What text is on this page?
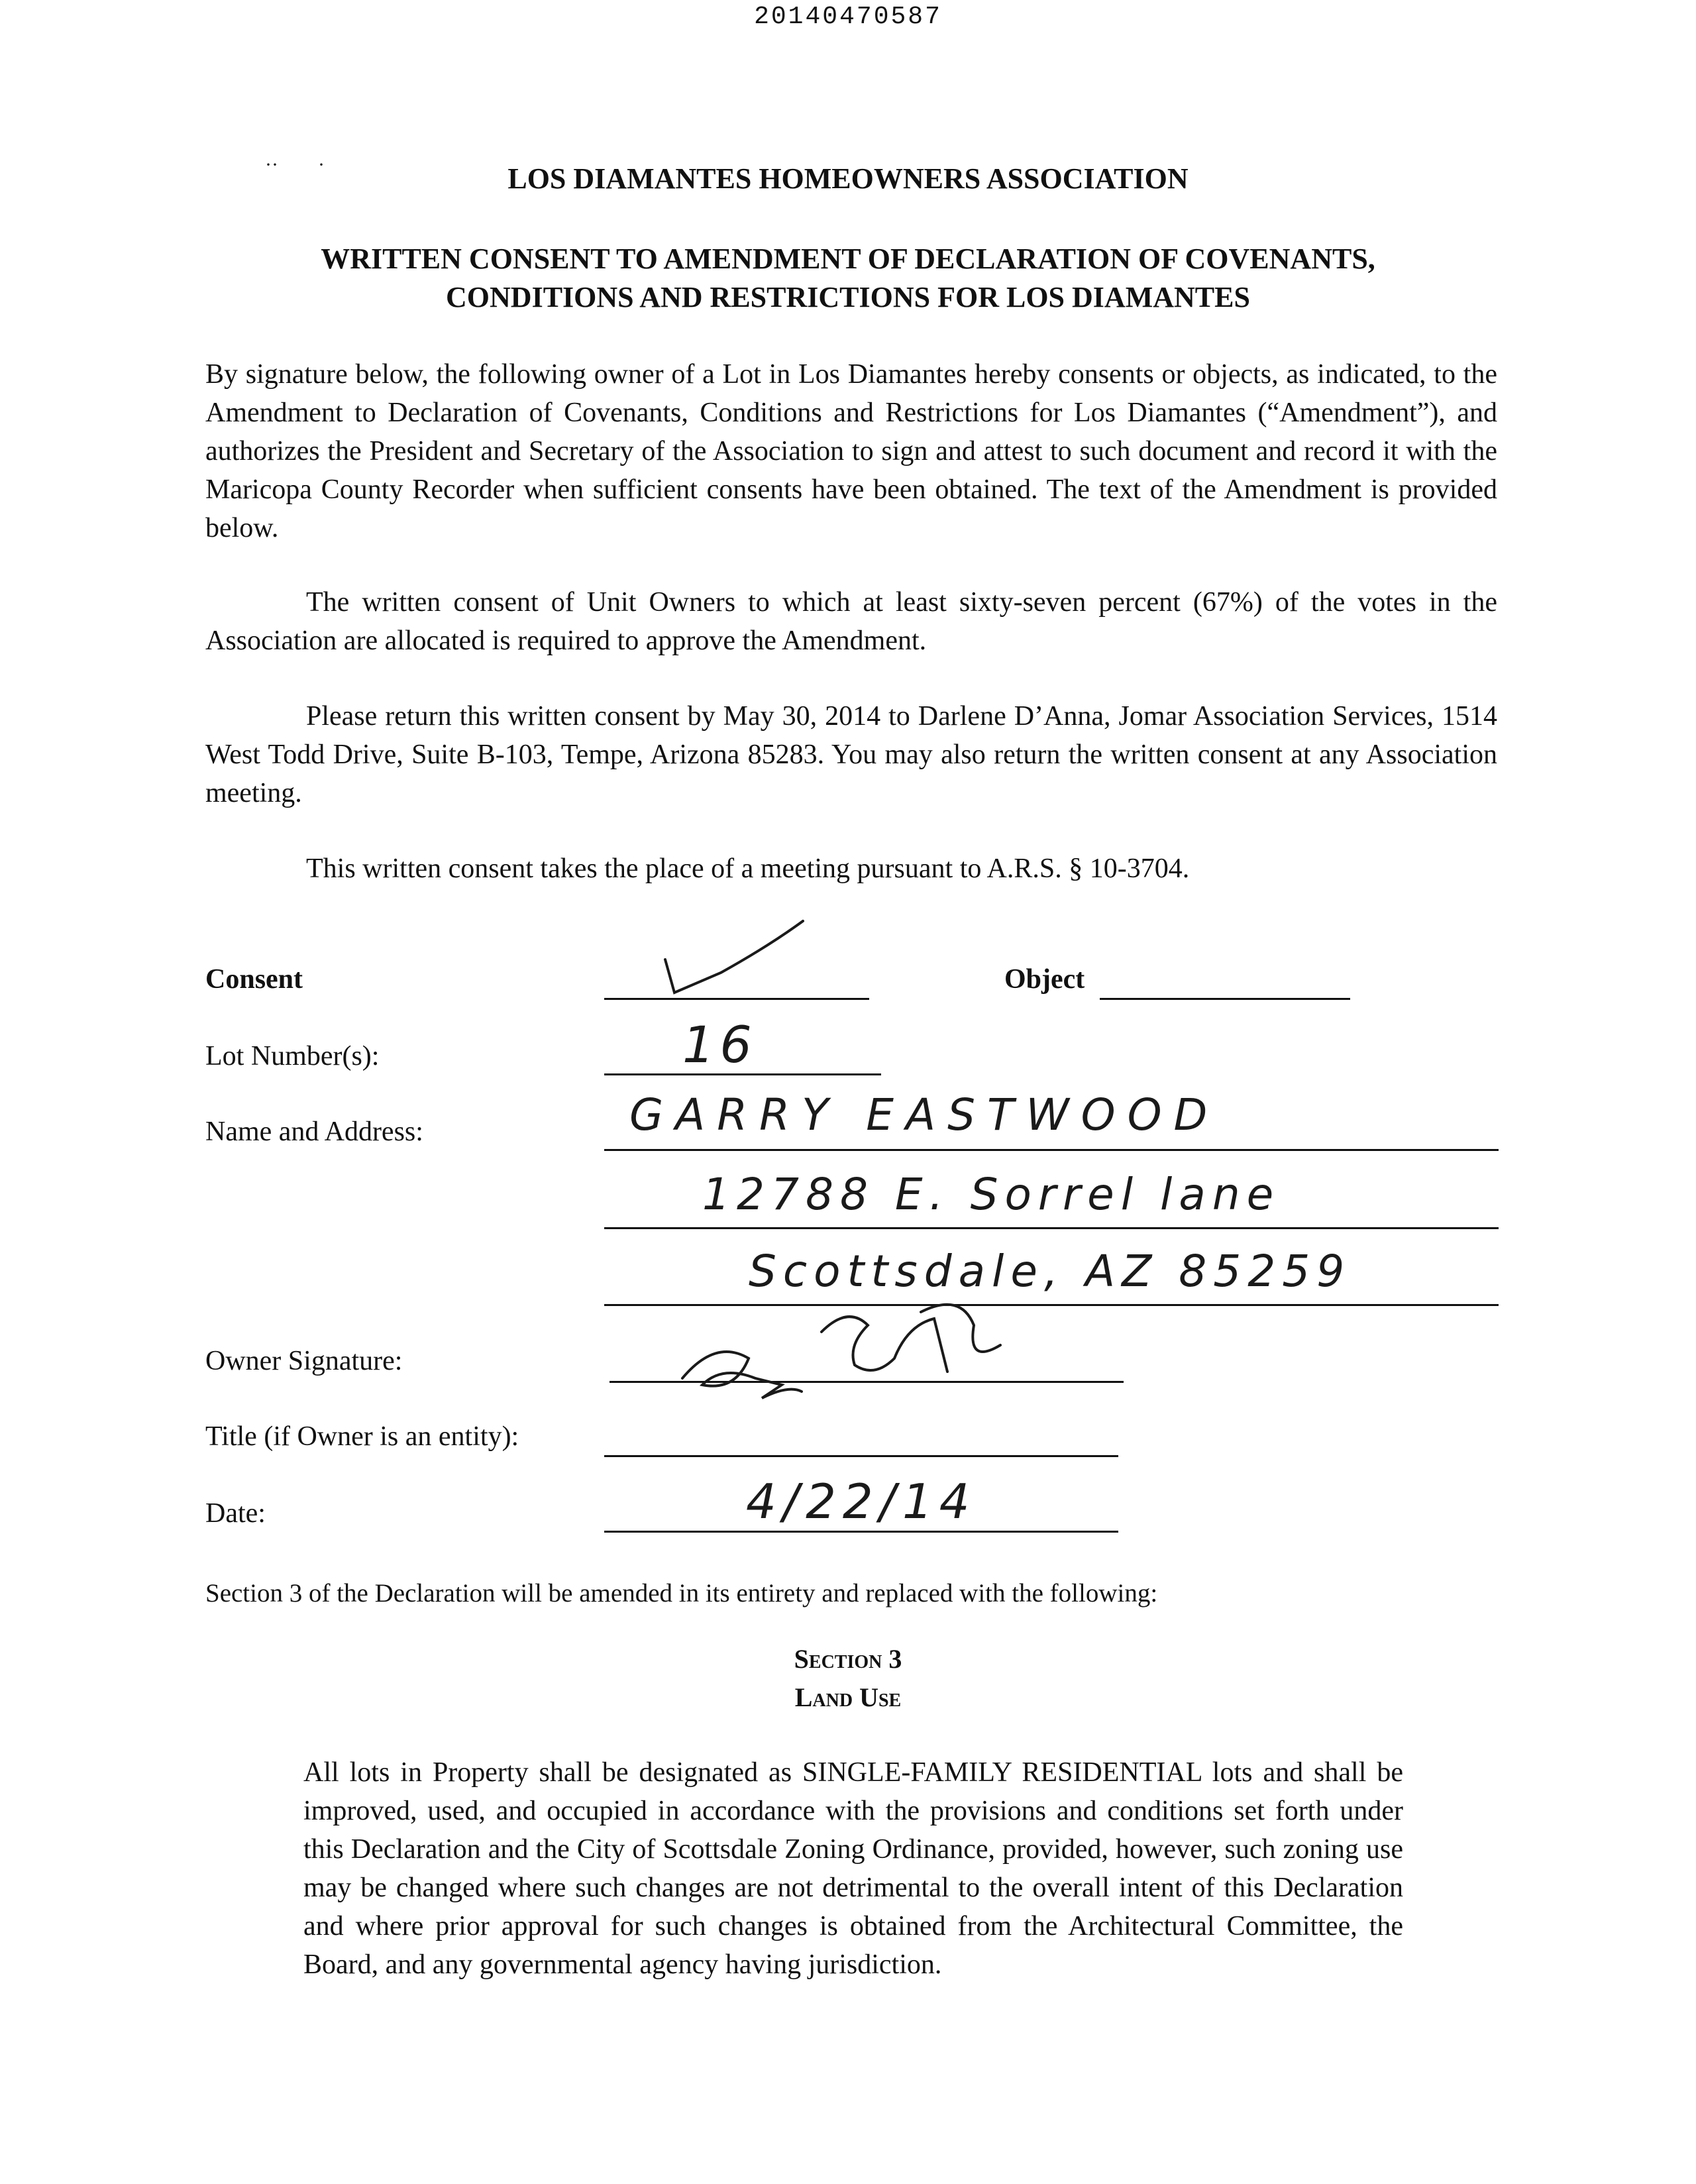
20140470587
··        ·	LOS DIAMANTES HOMEOWNERS ASSOCIATION
WRITTEN CONSENT TO AMENDMENT OF DECLARATION OF COVENANTS,
CONDITIONS AND RESTRICTIONS FOR LOS DIAMANTES
By signature below, the following owner of a Lot in Los Diamantes hereby consents or objects, as indicated, to the Amendment to Declaration of Covenants, Conditions and Restrictions for Los Diamantes (“Amendment”), and authorizes the President and Secretary of the Association to sign and attest to such document and record it with the Maricopa County Recorder when sufficient consents have been obtained. The text of the Amendment is provided below.
The written consent of Unit Owners to which at least sixty-seven percent (67%) of the votes in the Association are allocated is required to approve the Amendment.
Please return this written consent by May 30, 2014 to Darlene D’Anna, Jomar Association Services, 1514 West Todd Drive, Suite B-103, Tempe, Arizona 85283. You may also return the written consent at any Association meeting.
This written consent takes the place of a meeting pursuant to A.R.S. § 10-3704.
Consent	Object
Lot Number(s):	16
Name and Address:	GARRY EASTWOOD
12788 E. Sorrel lane
Scottsdale, AZ 85259
Owner Signature:
Title (if Owner is an entity):
Date:	4/22/14
Section 3 of the Declaration will be amended in its entirety and replaced with the following:
Section 3
Land Use
All lots in Property shall be designated as SINGLE-FAMILY RESIDENTIAL lots and shall be improved, used, and occupied in accordance with the provisions and conditions set forth under this Declaration and the City of Scottsdale Zoning Ordinance, provided, however, such zoning use may be changed where such changes are not detrimental to the overall intent of this Declaration and where prior approval for such changes is obtained from the Architectural Committee, the Board, and any governmental agency having jurisdiction.
